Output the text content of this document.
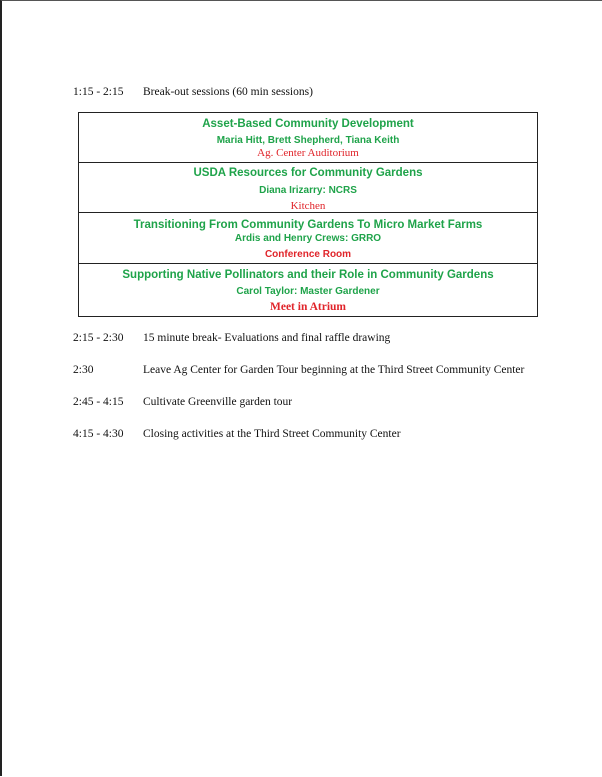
1:15 - 2:15 Break-out sessions (60 min sessions)
Asset-Based Community Development
Maria Hitt, Brett Shepherd, Tiana Keith
Ag. Center Auditorium
USDA Resources for Community Gardens
Diana Irizarry: NCRS
Kitchen
Transitioning From Community Gardens To Micro Market Farms
Ardis and Henry Crews: GRRO
Conference Room
Supporting Native Pollinators and their Role in Community Gardens
Carol Taylor: Master Gardener
Meet in Atrium
2:15 - 2:30 15 minute break- Evaluations and final raffle drawing
2:30	Leave Ag Center for Garden Tour beginning at the Third Street Community Center
2:45 - 4:15 Cultivate Greenville garden tour
4:15 - 4:30 Closing activities at the Third Street Community Center
